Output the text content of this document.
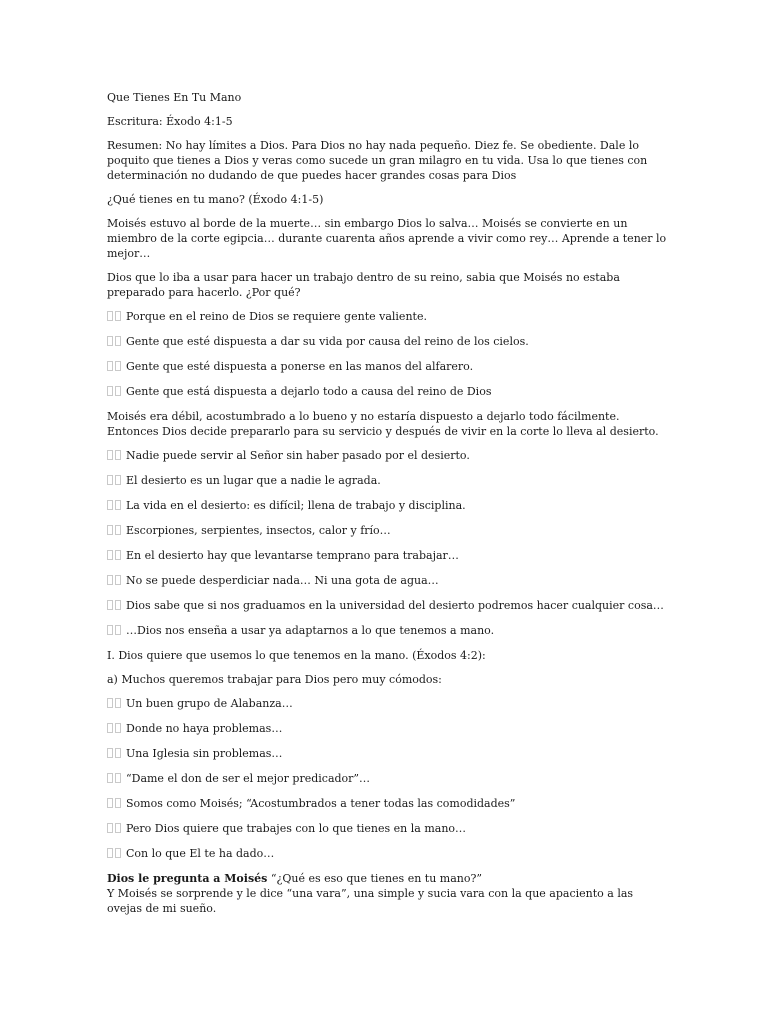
Que Tienes En Tu Mano

Escritura: Éxodo 4:1-5

Resumen: No hay límites a Dios. Para Dios no hay nada pequeño. Diez fe. Se obediente. Dale lo poquito que tienes a Dios y veras como sucede un gran milagro en tu vida. Usa lo que tienes con determinación no dudando de que puedes hacer grandes cosas para Dios

¿Qué tienes en tu mano? (Éxodo 4:1-5)

Moisés estuvo al borde de la muerte… sin embargo Dios lo salva… Moisés se convierte en un miembro de la corte egipcia… durante cuarenta años aprende a vivir como rey… Aprende a tener lo mejor…

Dios que lo iba a usar para hacer un trabajo dentro de su reino, sabia que Moisés no estaba preparado para hacerlo. ¿Por qué?

Porque en el reino de Dios se requiere gente valiente.
Gente que esté dispuesta a dar su vida por causa del reino de los cielos.
Gente que esté dispuesta a ponerse en las manos del alfarero.
Gente que está dispuesta a dejarlo todo a causa del reino de Dios

Moisés era débil, acostumbrado a lo bueno y no estaría dispuesto a dejarlo todo fácilmente. Entonces Dios decide prepararlo para su servicio y después de vivir en la corte lo lleva al desierto.

Nadie puede servir al Señor sin haber pasado por el desierto.
El desierto es un lugar que a nadie le agrada.
La vida en el desierto: es difícil; llena de trabajo y disciplina.
Escorpiones, serpientes, insectos, calor y frío…
En el desierto hay que levantarse temprano para trabajar…
No se puede desperdiciar nada… Ni una gota de agua…
Dios sabe que si nos graduamos en la universidad del desierto podremos hacer cualquier cosa…
…Dios nos enseña a usar ya adaptarnos a lo que tenemos a mano.

I. Dios quiere que usemos lo que tenemos en la mano. (Éxodos 4:2):

a) Muchos queremos trabajar para Dios pero muy cómodos:

Un buen grupo de Alabanza…
Donde no haya problemas…
Una Iglesia sin problemas…
“Dame el don de ser el mejor predicador”…
Somos como Moisés; “Acostumbrados a tener todas las comodidades”
Pero Dios quiere que trabajes con lo que tienes en la mano…
Con lo que El te ha dado…

Dios le pregunta a Moisés “¿Qué es eso que tienes en tu mano?”
Y Moisés se sorprende y le dice “una vara”, una simple y sucia vara con la que apaciento a las ovejas de mi sueño.
